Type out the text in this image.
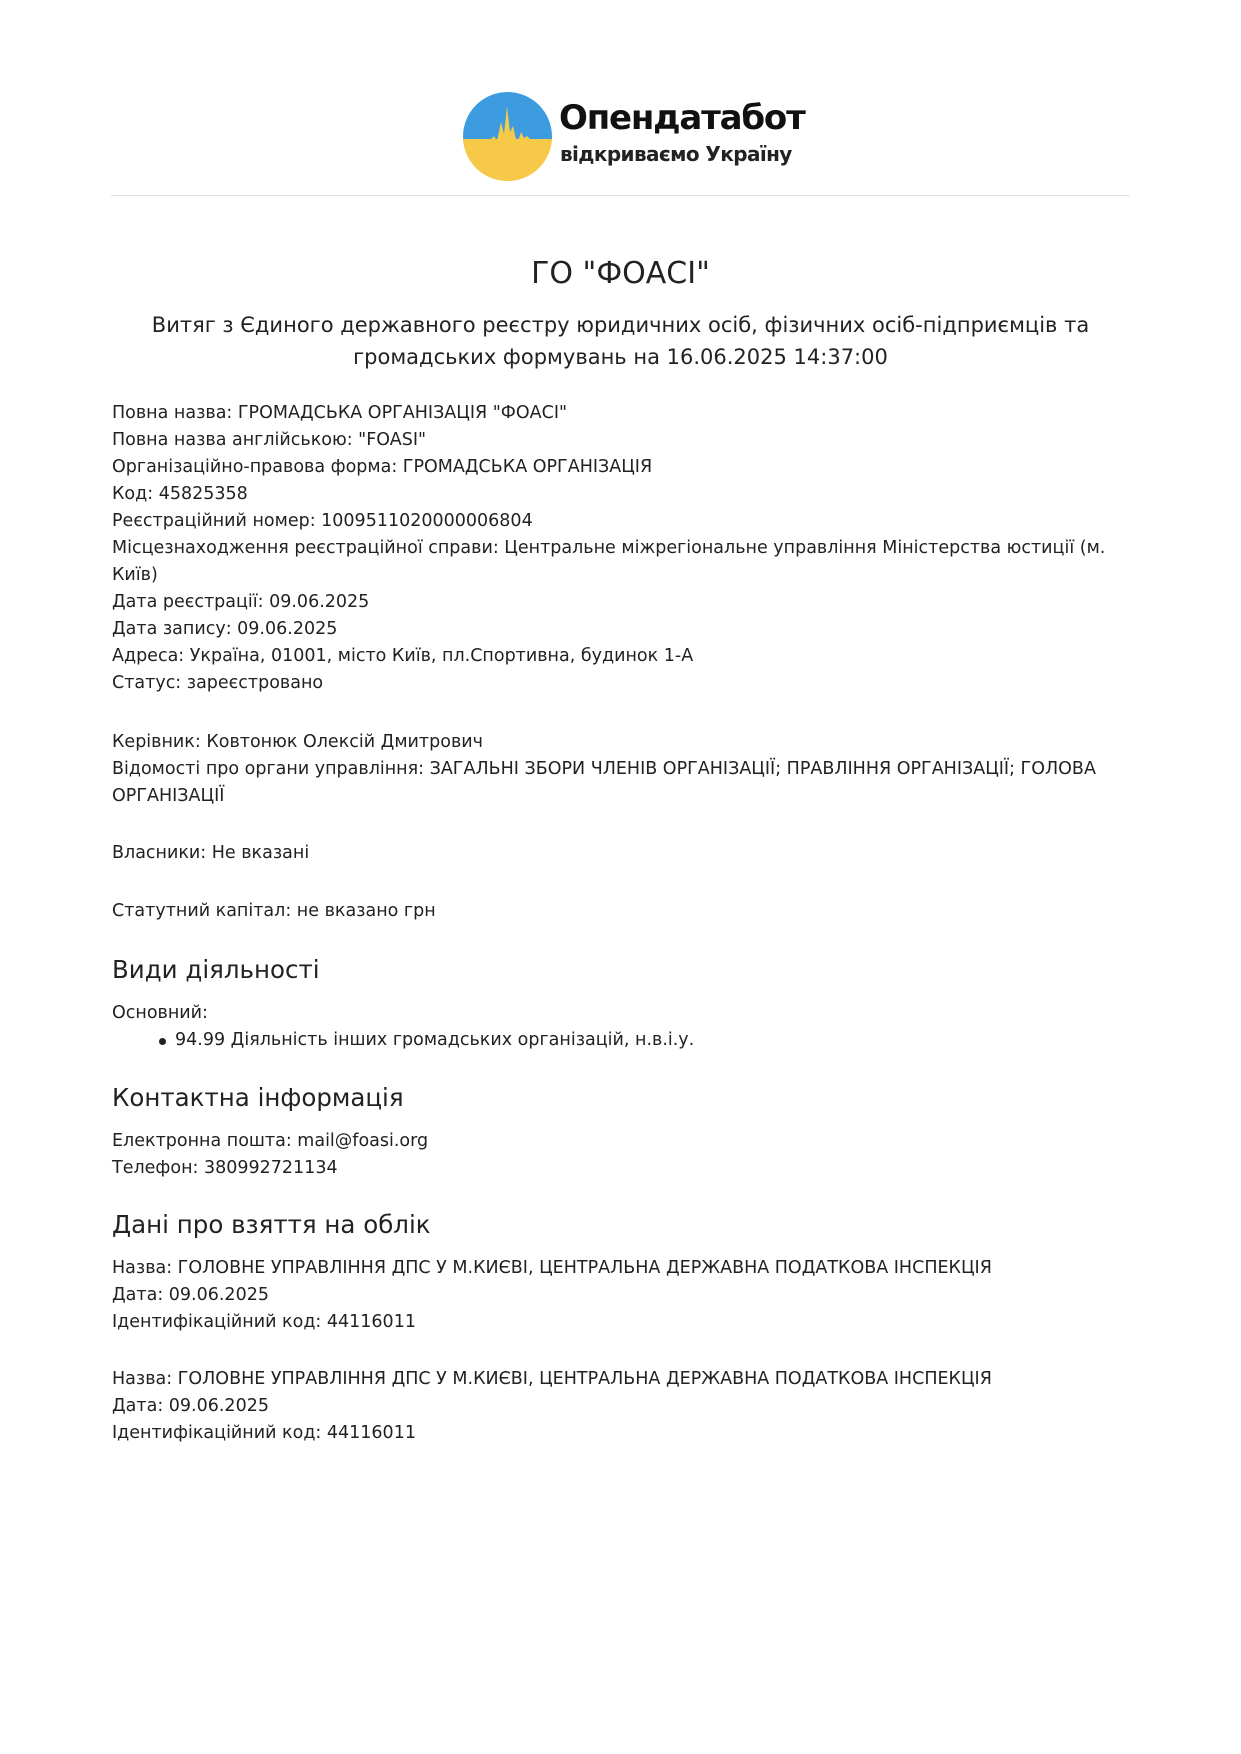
Опендатабот
відкриваємо Україну
ГО "ФОАСІ"

Витяг з Єдиного державного реєстру юридичних осіб, фізичних осіб-підприємців та громадських формувань на 16.06.2025 14:37:00

Повна назва: ГРОМАДСЬКА ОРГАНІЗАЦІЯ "ФОАСІ"

Повна назва англійською: "FOASI"

Організаційно-правова форма: ГРОМАДСЬКА ОРГАНІЗАЦІЯ

Код: 45825358

Реєстраційний номер: 1009511020000006804

Місцезнаходження реєстраційної справи: Центральне міжрегіональне управління Міністерства юстиції (м. Київ)

Дата реєстрації: 09.06.2025

Дата запису: 09.06.2025

Адреса: Україна, 01001, місто Київ, пл.Спортивна, будинок 1-А

Статус: зареєстровано

Керівник: Ковтонюк Олексій Дмитрович

Відомості про органи управління: ЗАГАЛЬНІ ЗБОРИ ЧЛЕНІВ ОРГАНІЗАЦІЇ; ПРАВЛІННЯ ОРГАНІЗАЦІЇ; ГОЛОВА ОРГАНІЗАЦІЇ

Власники: Не вказані

Статутний капітал: не вказано грн

Види діяльності

Основний:

94.99 Діяльність інших громадських організацій, н.в.і.у.
Контактна інформація

Електронна пошта: mail@foasi.org

Телефон: 380992721134

Дані про взяття на облік

Назва: ГОЛОВНЕ УПРАВЛІННЯ ДПС У М.КИЄВІ, ЦЕНТРАЛЬНА ДЕРЖАВНА ПОДАТКОВА ІНСПЕКЦІЯ

Дата: 09.06.2025

Ідентифікаційний код: 44116011

Назва: ГОЛОВНЕ УПРАВЛІННЯ ДПС У М.КИЄВІ, ЦЕНТРАЛЬНА ДЕРЖАВНА ПОДАТКОВА ІНСПЕКЦІЯ

Дата: 09.06.2025

Ідентифікаційний код: 44116011
